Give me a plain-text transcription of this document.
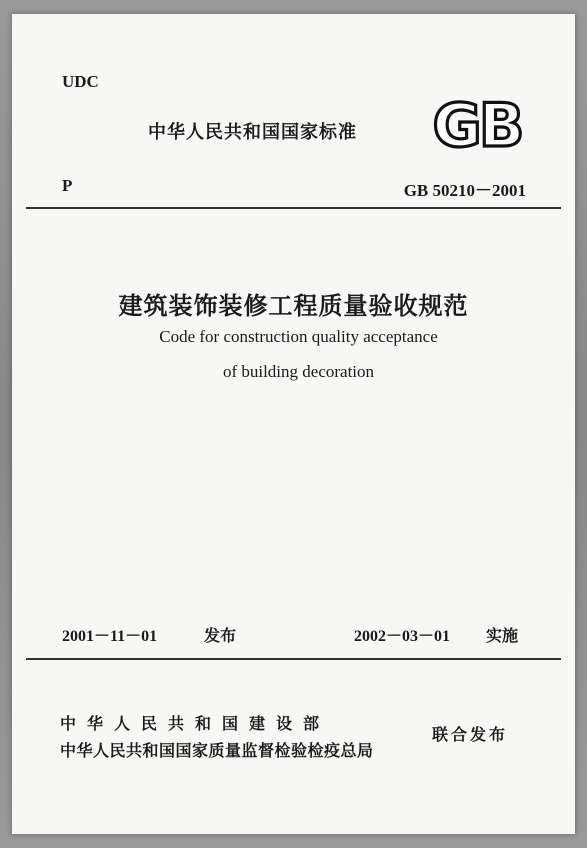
UDC
中华人民共和国国家标准 GB
P	GB 50210－2001
建筑装饰装修工程质量验收规范
Code for construction quality acceptance
of building decoration
2001－11－01	发布	2002－03－01 实施
中华人民共和国建设部
中华人民共和国国家质量监督检验检疫总局
联合发布
